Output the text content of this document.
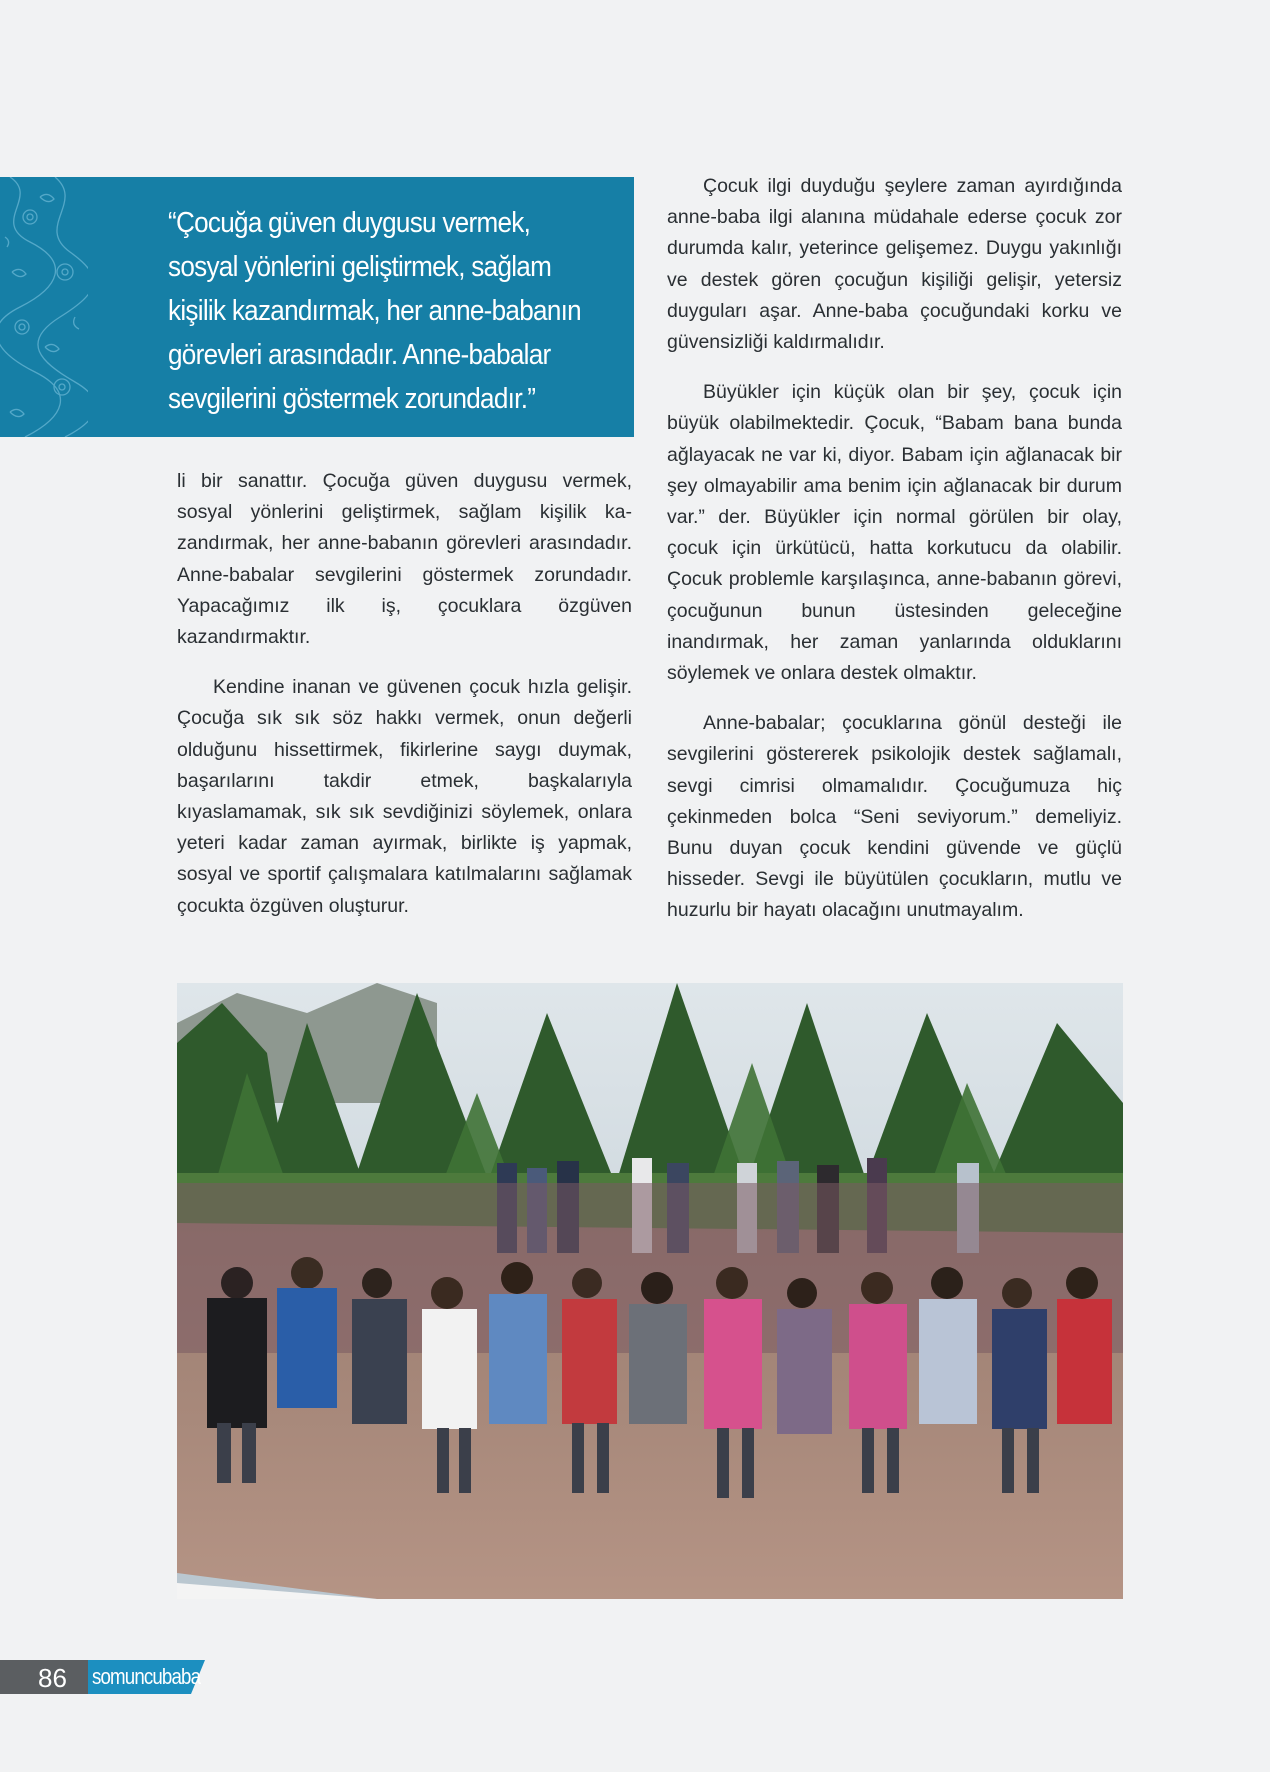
“Çocuğa güven duygusu vermek,
sosyal yönlerini geliştirmek, sağlam
kişilik kazandırmak, her anne-babanın
görevleri arasındadır. Anne-babalar
sevgilerini göstermek zorundadır.”

li bir sanattır. Çocuğa güven duygusu vermek, sosyal yönlerini geliştirmek, sağlam kişilik kazandırmak, her anne-babanın görevleri arasındadır. Anne-babalar sevgilerini göstermek zorundadır. Yapacağımız ilk iş, çocuklara özgüven kazandırmaktır.

Kendine inanan ve güvenen çocuk hızla gelişir. Çocuğa sık sık söz hakkı vermek, onun değerli olduğunu hissettirmek, fikirlerine saygı duymak, başarılarını takdir etmek, başkalarıyla kıyaslamamak, sık sık sevdiğinizi söylemek, onlara yeteri kadar zaman ayırmak, birlikte iş yapmak, sosyal ve sportif çalışmalara katılmalarını sağlamak çocukta özgüven oluşturur.

Çocuk ilgi duyduğu şeylere zaman ayırdığında anne-baba ilgi alanına müdahale ederse çocuk zor durumda kalır, yeterince gelişemez. Duygu yakınlığı ve destek gören çocuğun kişiliği gelişir, yetersiz duyguları aşar. Anne-baba çocuğundaki korku ve güvensizliği kaldırmalıdır.

Büyükler için küçük olan bir şey, çocuk için büyük olabilmektedir. Çocuk, “Babam bana bunda ağlayacak ne var ki, diyor. Babam için ağlanacak bir şey olmayabilir ama benim için ağlanacak bir durum var.” der. Büyükler için normal görülen bir olay, çocuk için ürkütücü, hatta korkutucu da olabilir. Çocuk problemle karşılaşınca, anne-babanın görevi, çocuğunun bunun üstesinden geleceğine inandırmak, her zaman yanlarında olduklarını söylemek ve onlara destek olmaktır.

Anne-babalar; çocuklarına gönül desteği ile sevgilerini göstererek psikolojik destek sağlamalı, sevgi cimrisi olmamalıdır. Çocuğumuza hiç çekinmeden bolca “Seni seviyorum.” demeliyiz. Bunu duyan çocuk kendini güvende ve güçlü hisseder. Sevgi ile büyütülen çocukların, mutlu ve huzurlu bir hayatı olacağını unutmayalım.

86 somuncubaba
